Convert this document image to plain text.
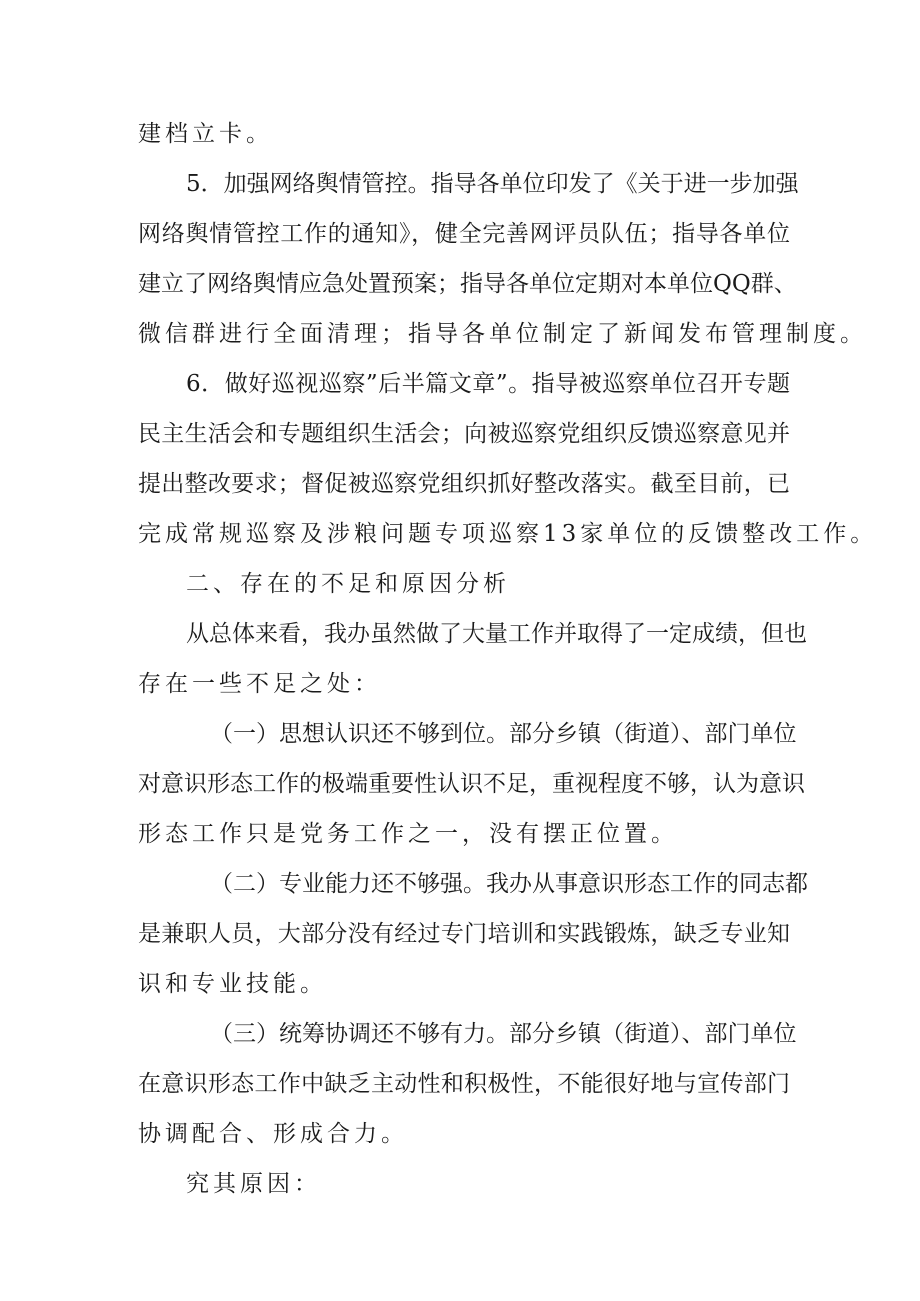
建档立卡。
5．加强网络舆情管控。指导各单位印发了《关于进一步加强
网络舆情管控工作的通知》，健全完善网评员队伍；指导各单位
建立了网络舆情应急处置预案；指导各单位定期对本单位QQ群、
微信群进行全面清理；指导各单位制定了新闻发布管理制度。
6．做好巡视巡察”后半篇文章”。指导被巡察单位召开专题
民主生活会和专题组织生活会；向被巡察党组织反馈巡察意见并
提出整改要求；督促被巡察党组织抓好整改落实。截至目前，已
完成常规巡察及涉粮问题专项巡察13家单位的反馈整改工作。
二、存在的不足和原因分析
从总体来看，我办虽然做了大量工作并取得了一定成绩，但也
存在一些不足之处：
（一）思想认识还不够到位。部分乡镇（街道）、部门单位
对意识形态工作的极端重要性认识不足，重视程度不够，认为意识
形态工作只是党务工作之一，没有摆正位置。
（二）专业能力还不够强。我办从事意识形态工作的同志都
是兼职人员，大部分没有经过专门培训和实践锻炼，缺乏专业知
识和专业技能。
（三）统筹协调还不够有力。部分乡镇（街道）、部门单位
在意识形态工作中缺乏主动性和积极性，不能很好地与宣传部门
协调配合、形成合力。
究其原因：
